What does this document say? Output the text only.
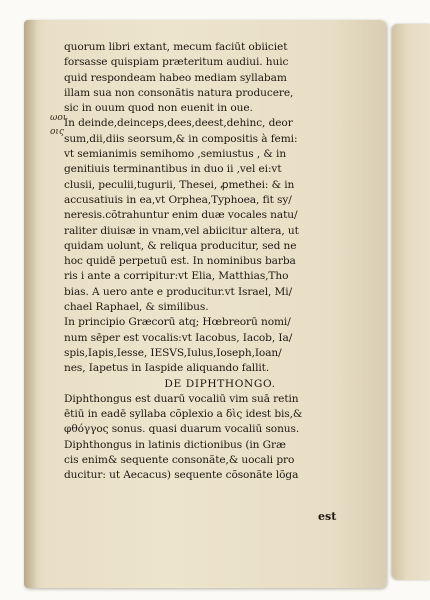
ωοι
οις
quorum libri extant, mecum faciūt obiiciet
forsasse quispiam præteritum audiui. huic
quid respondeam habeo mediam syllabam
illam sua non consonãtis natura producere,
sic in ouum quod non euenit in oue.
In deinde,deinceps,dees,deest,dehinc, deor
sum,dii,diis seorsum,& in compositis à femi:
vt semianimis semihomo ,semiustus , & in
genitiuis terminantibus in duo ii ,vel ei:vt
clusii, peculii,tugurii, Thesei, ꝓmethei: & in
accusatiuis in ea,vt Orphea,Typhoea, fit sy/
neresis.cõtrahuntur enim duæ vocales natu/
raliter diuisæ in vnam,vel abiicitur altera, ut
quidam uolunt, & reliqua producitur, sed ne
hoc quidē perpetuū est. In nominibus barba
ris i ante a corripitur:vt Elia, Matthias,Tho
bias. A uero ante e producitur.vt Israel, Mi/
chael Raphael, & similibus.
In principio Græcorū atq; Hœbreorū nomi/
num sēper est vocalis:vt Iacobus, Iacob, Ia/
spis,Iapis,Iesse, IESVS,Iulus,Ioseph,Ioan/
nes, Iapetus in Iaspide aliquando fallit.
DE DIPHTHONGO.
Diphthongus est duarū vocaliū vim suā retin
ētiū in eadē syllaba cõplexio a δὶς idest bis,&
φθόγγος sonus. quasi duarum vocaliū sonus.
Diphthongus in latinis dictionibus (in Græ
cis enim& sequente consonãte,& uocali pro
ducitur: ut Aecacus) sequente cõsonãte lõga
est
